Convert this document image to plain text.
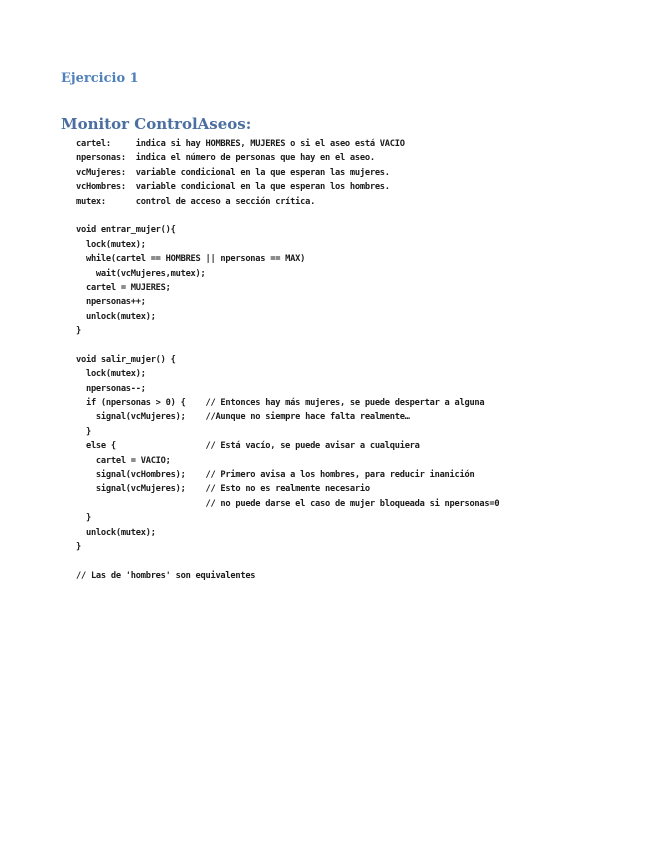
Ejercicio 1
Monitor ControlAseos:
cartel:     indica si hay HOMBRES, MUJERES o si el aseo está VACIO
npersonas:  indica el número de personas que hay en el aseo.
vcMujeres:  variable condicional en la que esperan las mujeres.
vcHombres:  variable condicional en la que esperan los hombres.
mutex:      control de acceso a sección crítica.
void entrar_mujer(){
lock(mutex);
while(cartel == HOMBRES || npersonas == MAX)
wait(vcMujeres,mutex);
cartel = MUJERES;
npersonas++;
unlock(mutex);
}
void salir_mujer() {
lock(mutex);
npersonas--;
if (npersonas > 0) {    // Entonces hay más mujeres, se puede despertar a alguna
signal(vcMujeres);    //Aunque no siempre hace falta realmente…
}
else {                  // Está vacío, se puede avisar a cualquiera
cartel = VACIO;
signal(vcHombres);    // Primero avisa a los hombres, para reducir inanición
signal(vcMujeres);    // Esto no es realmente necesario
// no puede darse el caso de mujer bloqueada si npersonas=0
}
unlock(mutex);
}
// Las de 'hombres' son equivalentes
